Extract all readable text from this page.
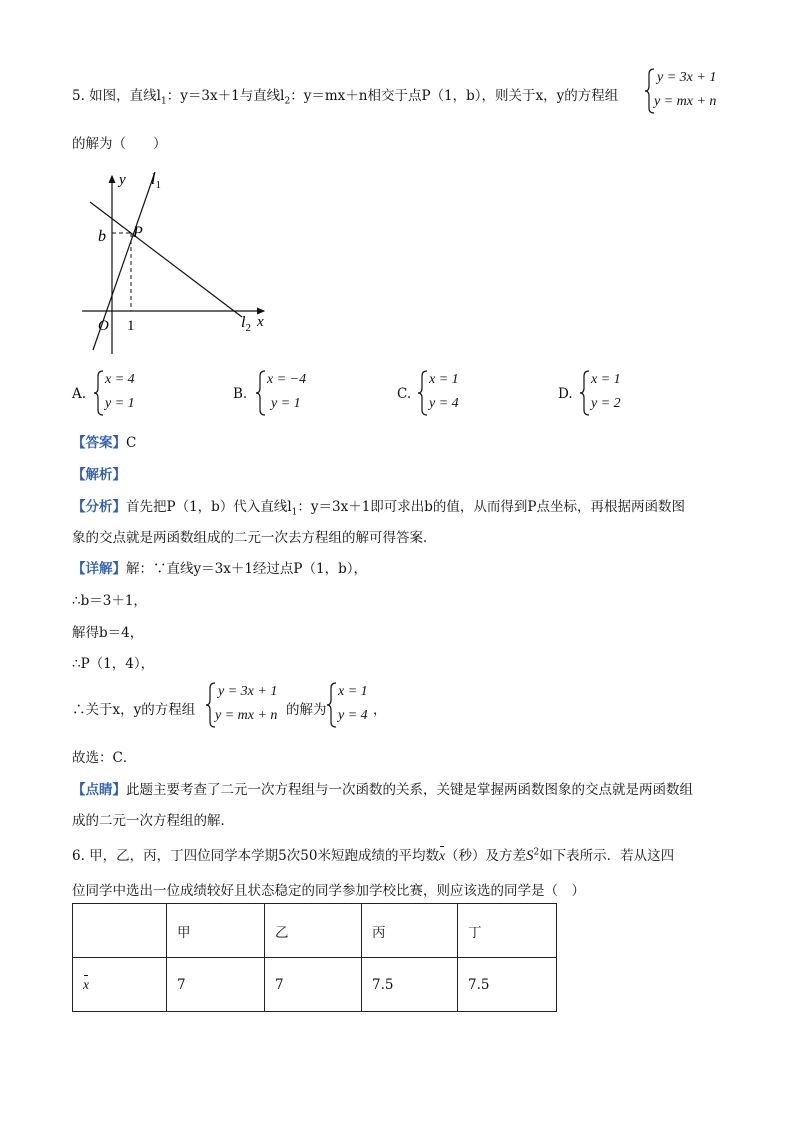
5. 如图，直线$l_1$：y＝3x＋1与直线$l_2$：y＝mx＋n相交于点P（1，b），则关于x，y的方程组
y = 3x + 1
y = mx + n
的解为（　　）
y
x
O 1
b P
$l_1$
$l_2$
A.
x = 4
y = 1
B.
x = −4
y = 1
C.
x = 1
y = 4
D.
x = 1
y = 2
【答案】C
【解析】
【分析】首先把P（1，b）代入直线$l_1$：y＝3x＋1即可求出b的值，从而得到P点坐标，再根据两函数图
象的交点就是两函数组成的二元一次去方程组的解可得答案．
【详解】解：∵直线y＝3x＋1经过点P（1，b），
∴b＝3＋1，
解得b＝4，
∴P（1，4），
∴关于x，y的方程组
y = 3x + 1
y = mx + n 的解为
x = 1
y = 4 ，
故选：C．
【点睛】此题主要考查了二元一次方程组与一次函数的关系，关键是掌握两函数图象的交点就是两函数组
成的二元一次方程组的解．
6. 甲，乙，丙，丁四位同学本学期5次50米短跑成绩的平均数x（秒）及方差$S^2$如下表所示．若从这四
位同学中选出一位成绩较好且状态稳定的同学参加学校比赛，则应该选的同学是（　）
	甲	乙	丙	丁
x	7	7	7.5	7.5
